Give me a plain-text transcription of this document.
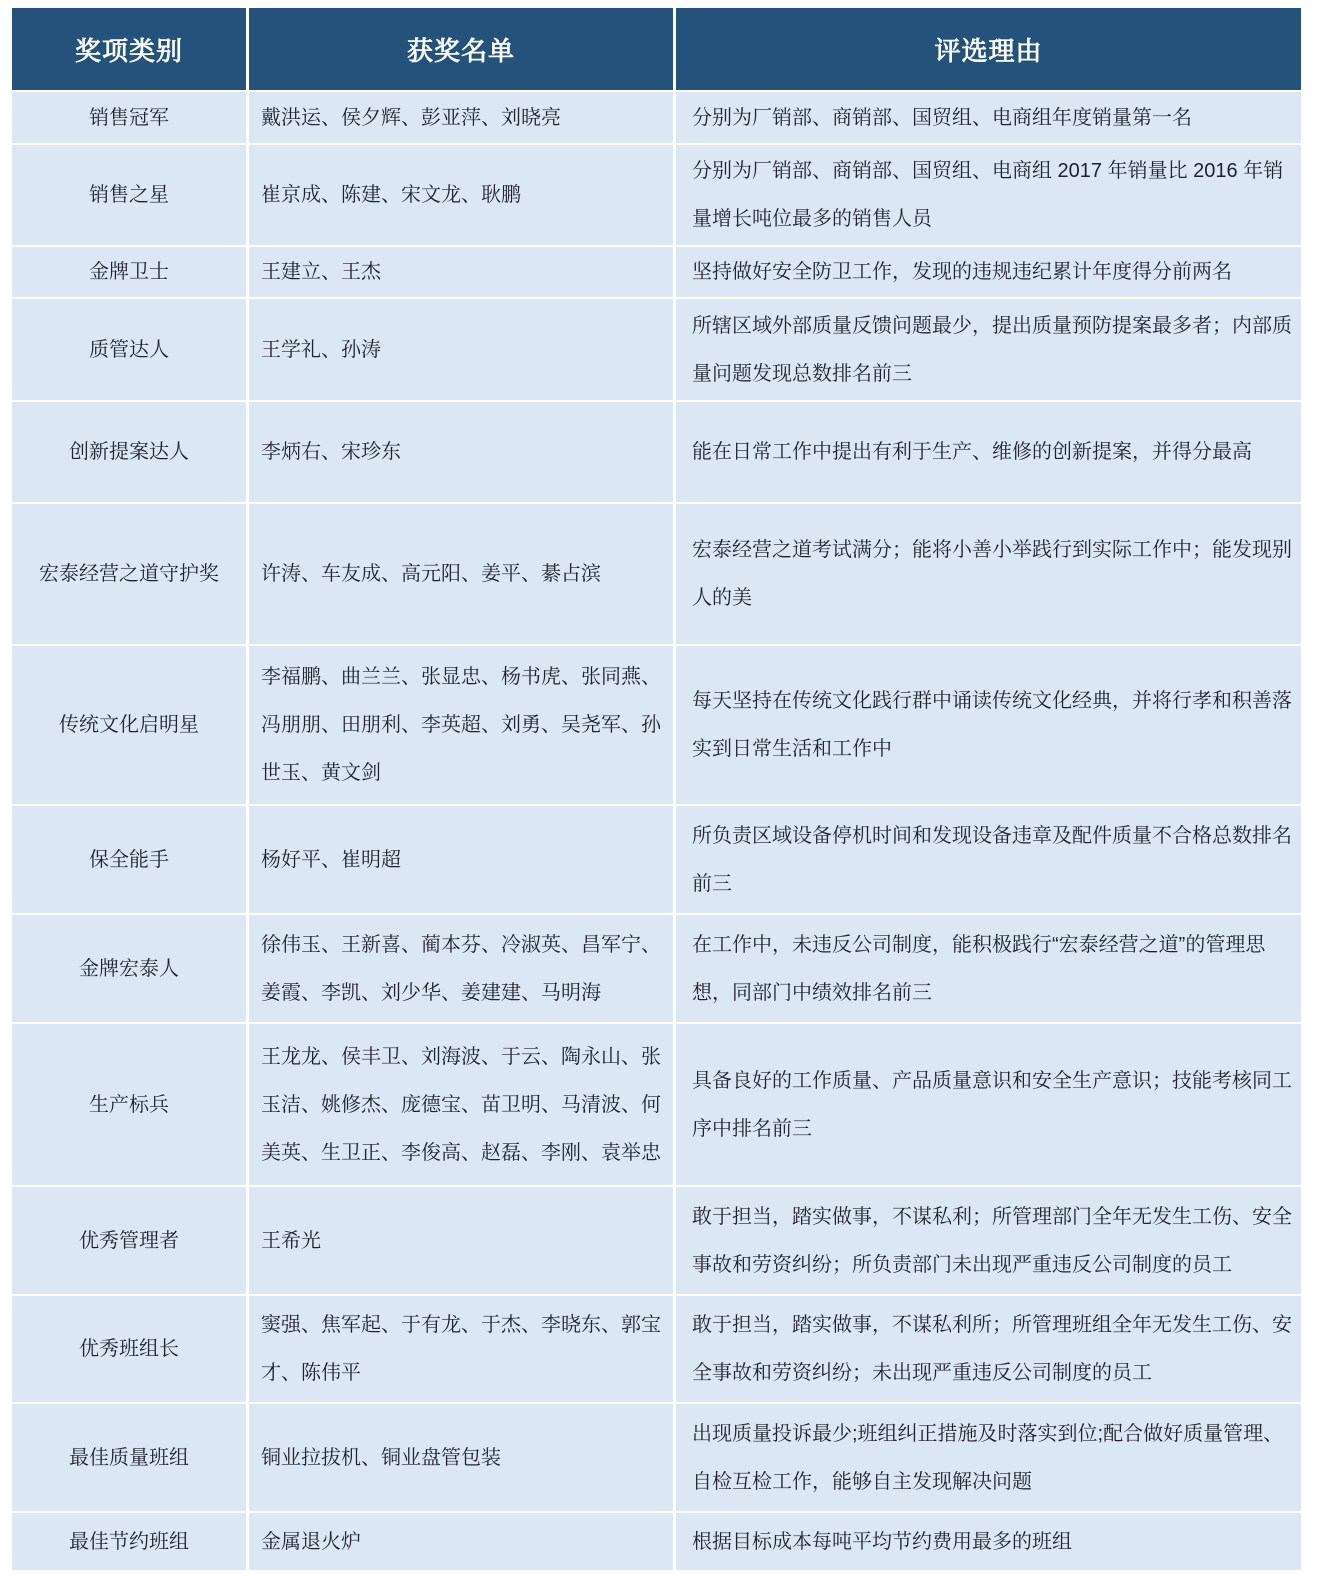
奖项类别	获奖名单	评选理由
销售冠军	戴洪运、侯夕辉、彭亚萍、刘晓亮	分别为厂销部、商销部、国贸组、电商组年度销量第一名
销售之星	崔京成、陈建、宋文龙、耿鹏	分别为厂销部、商销部、国贸组、电商组 2017 年销量比 2016 年销量增长吨位最多的销售人员
金牌卫士	王建立、王杰	坚持做好安全防卫工作，发现的违规违纪累计年度得分前两名
质管达人	王学礼、孙涛	所辖区域外部质量反馈问题最少，提出质量预防提案最多者；内部质量问题发现总数排名前三
创新提案达人	李炳右、宋珍东	能在日常工作中提出有利于生产、维修的创新提案，并得分最高
宏泰经营之道守护奖	许涛、车友成、高元阳、姜平、綦占滨	宏泰经营之道考试满分；能将小善小举践行到实际工作中；能发现别人的美
传统文化启明星	李福鹏、曲兰兰、张显忠、杨书虎、张同燕、冯朋朋、田朋利、李英超、刘勇、吴尧军、孙世玉、黄文剑	每天坚持在传统文化践行群中诵读传统文化经典，并将行孝和积善落实到日常生活和工作中
保全能手	杨好平、崔明超	所负责区域设备停机时间和发现设备违章及配件质量不合格总数排名前三
金牌宏泰人	徐伟玉、王新喜、蔺本芬、冷淑英、昌军宁、姜霞、李凯、刘少华、姜建建、马明海	在工作中，未违反公司制度，能积极践行“宏泰经营之道”的管理思想，同部门中绩效排名前三
生产标兵	王龙龙、侯丰卫、刘海波、于云、陶永山、张玉洁、姚修杰、庞德宝、苗卫明、马清波、何美英、生卫正、李俊高、赵磊、李刚、袁举忠	具备良好的工作质量、产品质量意识和安全生产意识；技能考核同工序中排名前三
优秀管理者	王希光	敢于担当，踏实做事，不谋私利；所管理部门全年无发生工伤、安全事故和劳资纠纷；所负责部门未出现严重违反公司制度的员工
优秀班组长	窦强、焦军起、于有龙、于杰、李晓东、郭宝才、陈伟平	敢于担当，踏实做事，不谋私利所；所管理班组全年无发生工伤、安全事故和劳资纠纷；未出现严重违反公司制度的员工
最佳质量班组	铜业拉拔机、铜业盘管包装	出现质量投诉最少;班组纠正措施及时落实到位;配合做好质量管理、自检互检工作，能够自主发现解决问题
最佳节约班组	金属退火炉	根据目标成本每吨平均节约费用最多的班组
